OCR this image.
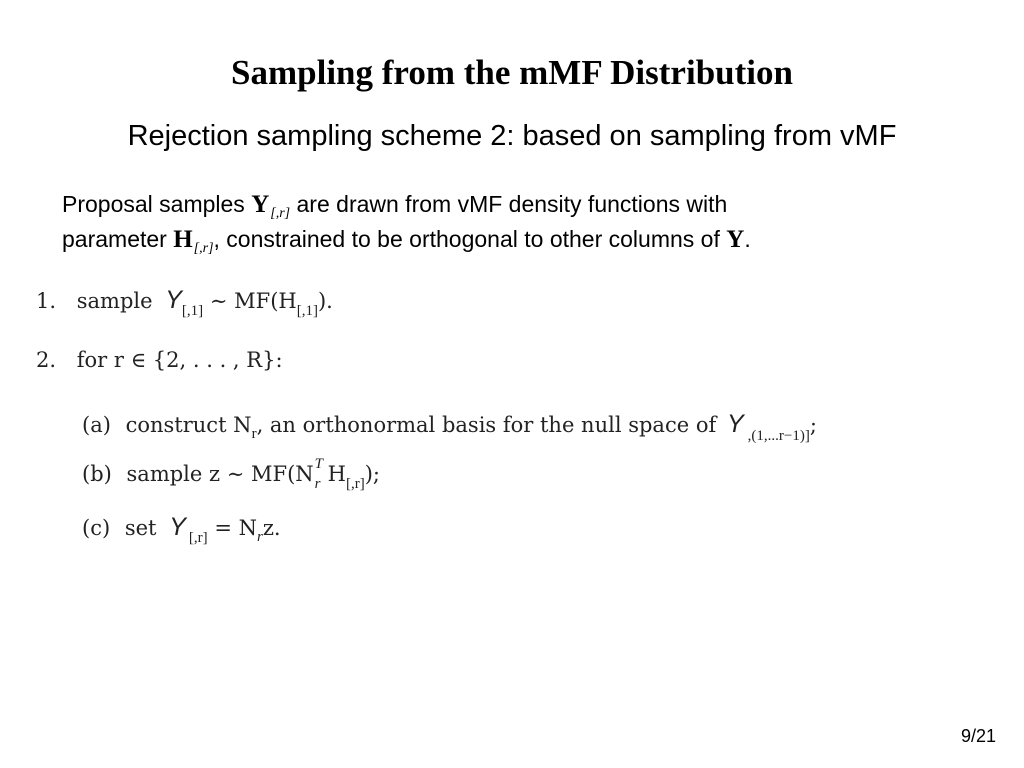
Sampling from the mMF Distribution
Rejection sampling scheme 2: based on sampling from vMF
Proposal samples $Y_{[,r]}$ are drawn from vMF density functions with
parameter $H_{[,r]}$, constrained to be orthogonal to other columns of Y.
1. sample $Y_{[,1]}$ ∼ $MF(H_{[,1]})$.
2. for r ∈ {2, . . . , R}:
(a) construct $N_r$, an orthonormal basis for the null space of Y $_{,(1,...r-1)]}$;
(b) sample z ∼ MF(N T
r $H_{[,r]}$);
(c) set Y $_{[,r]} = N_rz$.
9/21
